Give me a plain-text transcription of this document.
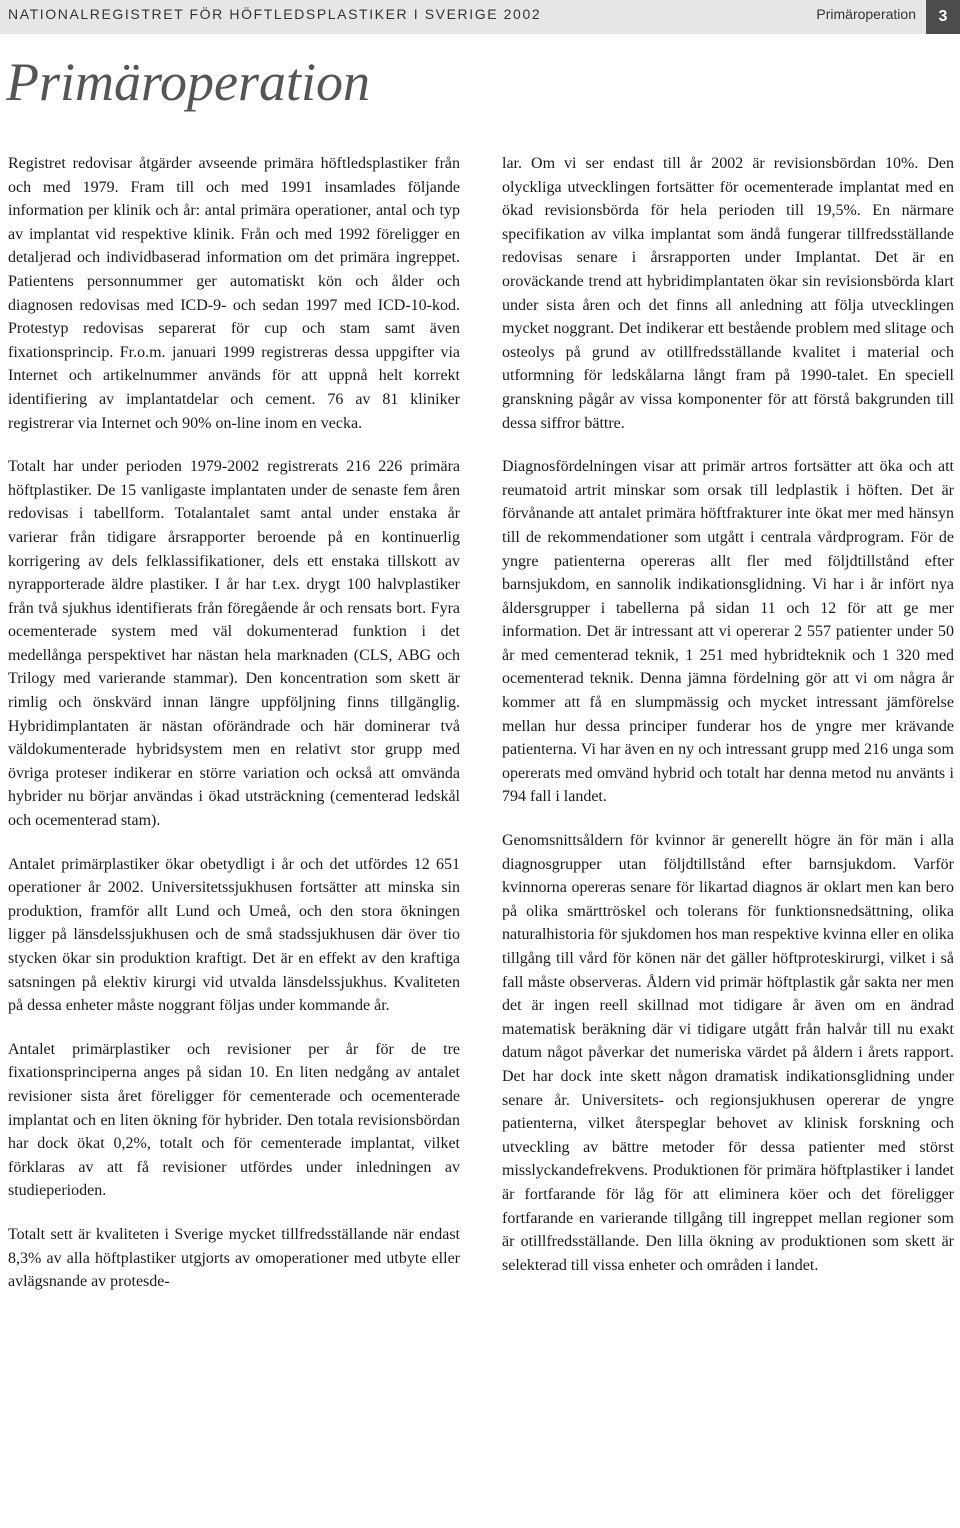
NATIONALREGISTRET FÖR HÖFTLEDSPLASTIKER I SVERIGE 2002	Primäroperation	3
Primäroperation

Registret redovisar åtgärder avseende primära höftledsplastiker från och med 1979. Fram till och med 1991 insamlades följande information per klinik och år: antal primära operationer, antal och typ av implantat vid respektive klinik. Från och med 1992 föreligger en detaljerad och individbaserad information om det primära ingreppet. Patientens personnummer ger automatiskt kön och ålder och diagnosen redovisas med ICD-9- och sedan 1997 med ICD-10-kod. Protestyp redovisas separerat för cup och stam samt även fixationsprincip. Fr.o.m. januari 1999 registreras dessa uppgifter via Internet och artikelnummer används för att uppnå helt korrekt identifiering av implantatdelar och cement. 76 av 81 kliniker registrerar via Internet och 90% on-line inom en vecka.

Totalt har under perioden 1979-2002 registrerats 216 226 primära höftplastiker. De 15 vanligaste implantaten under de senaste fem åren redovisas i tabellform. Totalantalet samt antal under enstaka år varierar från tidigare årsrapporter beroende på en kontinuerlig korrigering av dels felklassifikationer, dels ett enstaka tillskott av nyrapporterade äldre plastiker. I år har t.ex. drygt 100 halvplastiker från två sjukhus identifierats från föregående år och rensats bort. Fyra ocementerade system med väl dokumenterad funktion i det medellånga perspektivet har nästan hela marknaden (CLS, ABG och Trilogy med varierande stammar). Den koncentration som skett är rimlig och önskvärd innan längre uppföljning finns tillgänglig. Hybridimplantaten är nästan oförändrade och här dominerar två väldokumenterade hybridsystem men en relativt stor grupp med övriga proteser indikerar en större variation och också att omvända hybrider nu börjar användas i ökad utsträckning (cementerad ledskål och ocementerad stam).

Antalet primärplastiker ökar obetydligt i år och det utfördes 12 651 operationer år 2002. Universitetssjukhusen fortsätter att minska sin produktion, framför allt Lund och Umeå, och den stora ökningen ligger på länsdelssjukhusen och de små stadssjukhusen där över tio stycken ökar sin produktion kraftigt. Det är en effekt av den kraftiga satsningen på elektiv kirurgi vid utvalda länsdelssjukhus. Kvaliteten på dessa enheter måste noggrant följas under kommande år.

Antalet primärplastiker och revisioner per år för de tre fixationsprinciperna anges på sidan 10. En liten nedgång av antalet revisioner sista året föreligger för cementerade och ocementerade implantat och en liten ökning för hybrider. Den totala revisionsbördan har dock ökat 0,2%, totalt och för cementerade implantat, vilket förklaras av att få revisioner utfördes under inledningen av studieperioden.

Totalt sett är kvaliteten i Sverige mycket tillfredsställande när endast 8,3% av alla höftplastiker utgjorts av omoperationer med utbyte eller avlägsnande av protesde-

lar. Om vi ser endast till år 2002 är revisionsbördan 10%. Den olyckliga utvecklingen fortsätter för ocementerade implantat med en ökad revisionsbörda för hela perioden till 19,5%. En närmare specifikation av vilka implantat som ändå fungerar tillfredsställande redovisas senare i årsrapporten under Implantat. Det är en oroväckande trend att hybridimplantaten ökar sin revisionsbörda klart under sista åren och det finns all anledning att följa utvecklingen mycket noggrant. Det indikerar ett bestående problem med slitage och osteolys på grund av otillfredsställande kvalitet i material och utformning för ledskålarna långt fram på 1990-talet. En speciell granskning pågår av vissa komponenter för att förstå bakgrunden till dessa siffror bättre.

Diagnosfördelningen visar att primär artros fortsätter att öka och att reumatoid artrit minskar som orsak till ledplastik i höften. Det är förvånande att antalet primära höftfrakturer inte ökat mer med hänsyn till de rekommendationer som utgått i centrala vårdprogram. För de yngre patienterna opereras allt fler med följdtillstånd efter barnsjukdom, en sannolik indikationsglidning. Vi har i år infört nya åldersgrupper i tabellerna på sidan 11 och 12 för att ge mer information. Det är intressant att vi opererar 2 557 patienter under 50 år med cementerad teknik, 1 251 med hybridteknik och 1 320 med ocementerad teknik. Denna jämna fördelning gör att vi om några år kommer att få en slumpmässig och mycket intressant jämförelse mellan hur dessa principer funderar hos de yngre mer krävande patienterna. Vi har även en ny och intressant grupp med 216 unga som opererats med omvänd hybrid och totalt har denna metod nu använts i 794 fall i landet.

Genomsnittsåldern för kvinnor är generellt högre än för män i alla diagnosgrupper utan följdtillstånd efter barnsjukdom. Varför kvinnorna opereras senare för likartad diagnos är oklart men kan bero på olika smärttröskel och tolerans för funktionsnedsättning, olika naturalhistoria för sjukdomen hos man respektive kvinna eller en olika tillgång till vård för könen när det gäller höftproteskirurgi, vilket i så fall måste observeras. Åldern vid primär höftplastik går sakta ner men det är ingen reell skillnad mot tidigare år även om en ändrad matematisk beräkning där vi tidigare utgått från halvår till nu exakt datum något påverkar det numeriska värdet på åldern i årets rapport. Det har dock inte skett någon dramatisk indikationsglidning under senare år. Universitets- och regionsjukhusen opererar de yngre patienterna, vilket återspeglar behovet av klinisk forskning och utveckling av bättre metoder för dessa patienter med störst misslyckandefrekvens. Produktionen för primära höftplastiker i landet är fortfarande för låg för att eliminera köer och det föreligger fortfarande en varierande tillgång till ingreppet mellan regioner som är otillfredsställande. Den lilla ökning av produktionen som skett är selekterad till vissa enheter och områden i landet.
